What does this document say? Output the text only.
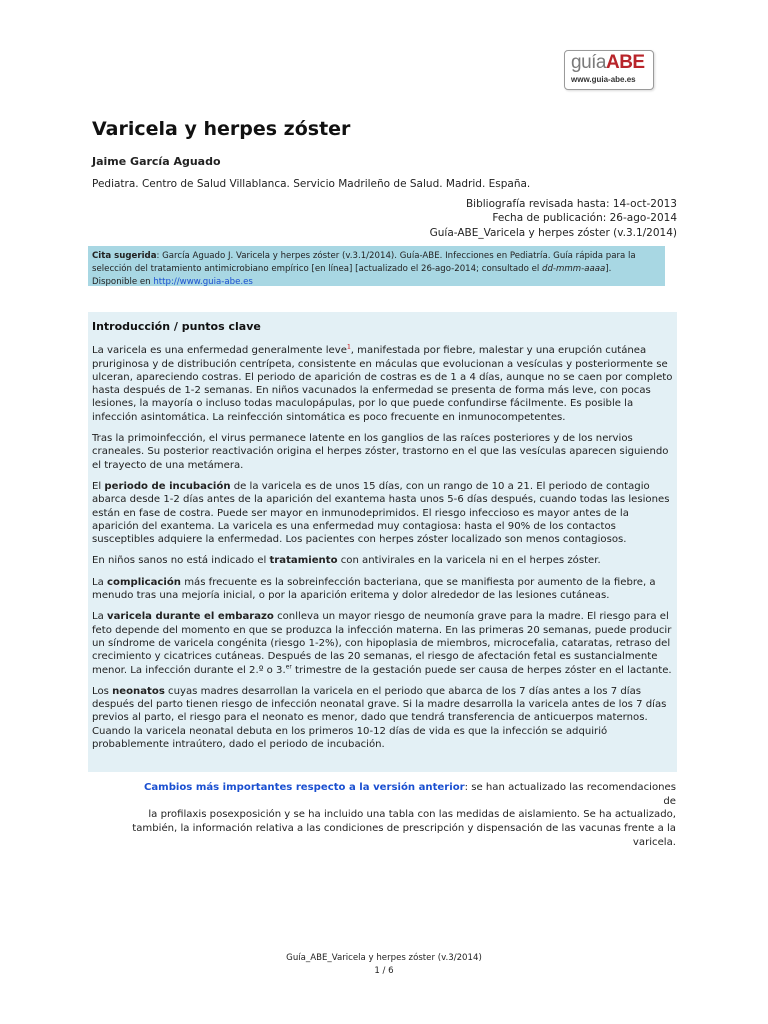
guíaABE
www.guia-abe.es
Varicela y herpes zóster
Jaime García Aguado
Pediatra. Centro de Salud Villablanca. Servicio Madrileño de Salud. Madrid. España.
Bibliografía revisada hasta: 14-oct-2013
Fecha de publicación: 26-ago-2014
Guía-ABE_Varicela y herpes zóster (v.3.1/2014)
Cita sugerida: García Aguado J. Varicela y herpes zóster (v.3.1/2014). Guía-ABE. Infecciones en Pediatría. Guía rápida para la selección del tratamiento antimicrobiano empírico [en línea] [actualizado el 26-ago-2014; consultado el dd-mmm-aaaa]. Disponible en http://www.guia-abe.es
Introducción / puntos clave

La varicela es una enfermedad generalmente leve$^1$, manifestada por fiebre, malestar y una erupción cutánea pruriginosa y de distribución centrípeta, consistente en máculas que evolucionan a vesículas y posteriormente se ulceran, apareciendo costras. El periodo de aparición de costras es de 1 a 4 días, aunque no se caen por completo hasta después de 1-2 semanas. En niños vacunados la enfermedad se presenta de forma más leve, con pocas lesiones, la mayoría o incluso todas maculopápulas, por lo que puede confundirse fácilmente. Es posible la infección asintomática. La reinfección sintomática es poco frecuente en inmunocompetentes.

Tras la primoinfección, el virus permanece latente en los ganglios de las raíces posteriores y de los nervios craneales. Su posterior reactivación origina el herpes zóster, trastorno en el que las vesículas aparecen siguiendo el trayecto de una metámera.

El periodo de incubación de la varicela es de unos 15 días, con un rango de 10 a 21. El periodo de contagio abarca desde 1-2 días antes de la aparición del exantema hasta unos 5-6 días después, cuando todas las lesiones están en fase de costra. Puede ser mayor en inmunodeprimidos. El riesgo infeccioso es mayor antes de la aparición del exantema. La varicela es una enfermedad muy contagiosa: hasta el 90% de los contactos susceptibles adquiere la enfermedad. Los pacientes con herpes zóster localizado son menos contagiosos.

En niños sanos no está indicado el tratamiento con antivirales en la varicela ni en el herpes zóster.

La complicación más frecuente es la sobreinfección bacteriana, que se manifiesta por aumento de la fiebre, a menudo tras una mejoría inicial, o por la aparición eritema y dolor alrededor de las lesiones cutáneas.

La varicela durante el embarazo conlleva un mayor riesgo de neumonía grave para la madre. El riesgo para el feto depende del momento en que se produzca la infección materna. En las primeras 20 semanas, puede producir un síndrome de varicela congénita (riesgo 1-2%), con hipoplasia de miembros, microcefalia, cataratas, retraso del crecimiento y cicatrices cutáneas. Después de las 20 semanas, el riesgo de afectación fetal es sustancialmente menor. La infección durante el 2.º o 3.$^{er}$ trimestre de la gestación puede ser causa de herpes zóster en el lactante.

Los neonatos cuyas madres desarrollan la varicela en el periodo que abarca de los 7 días antes a los 7 días después del parto tienen riesgo de infección neonatal grave. Si la madre desarrolla la varicela antes de los 7 días previos al parto, el riesgo para el neonato es menor, dado que tendrá transferencia de anticuerpos maternos. Cuando la varicela neonatal debuta en los primeros 10-12 días de vida es que la infección se adquirió probablemente intraútero, dado el periodo de incubación.

Cambios más importantes respecto a la versión anterior: se han actualizado las recomendaciones de
la profilaxis posexposición y se ha incluido una tabla con las medidas de aislamiento. Se ha actualizado,
también, la información relativa a las condiciones de prescripción y dispensación de las vacunas frente a la
varicela.
Guía_ABE_Varicela y herpes zóster (v.3/2014)
1 / 6
